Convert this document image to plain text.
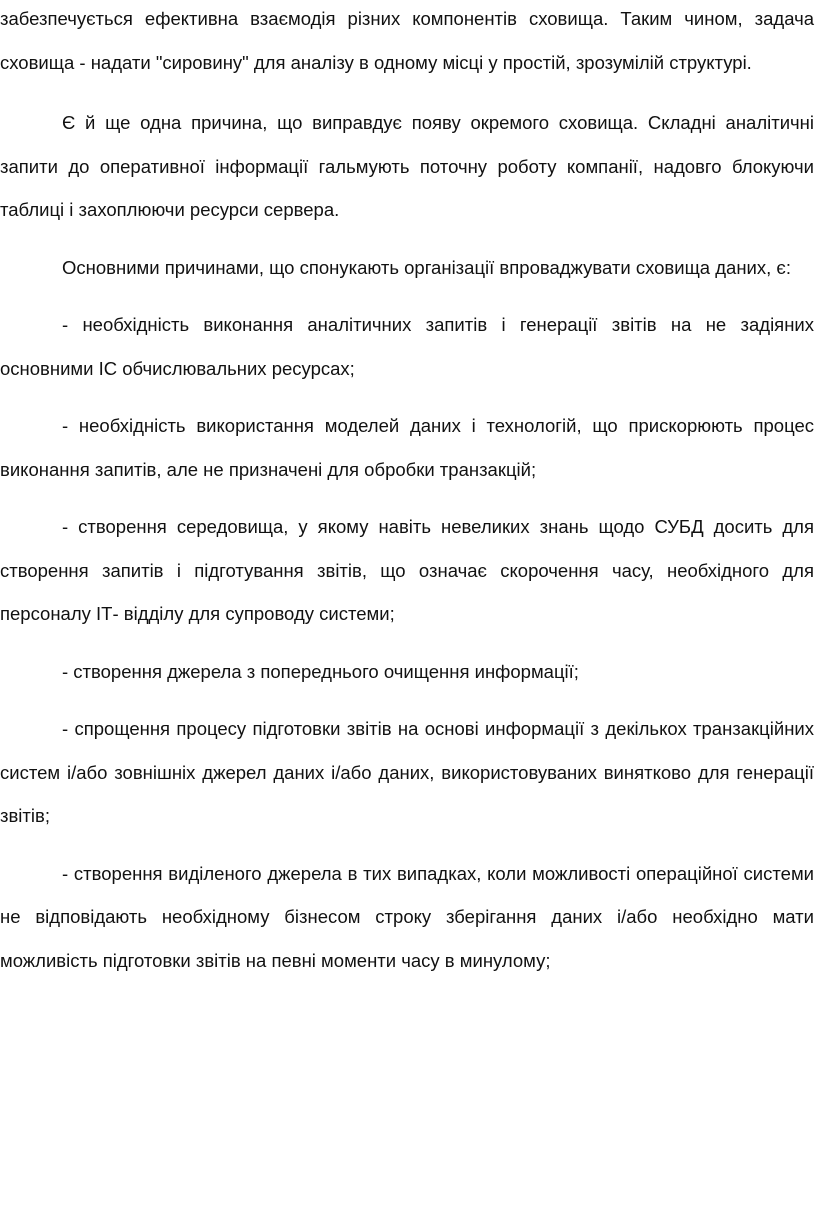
забезпечується ефективна взаємодія різних компонентів сховища. Таким чином, задача сховища - надати "сировину" для аналізу в одному місці у простій, зрозумілій структурі.

Є й ще одна причина, що виправдує появу окремого сховища. Складні аналітичні запити до оперативної інформації гальмують поточну роботу компанії, надовго блокуючи таблиці і захоплюючи ресурси сервера.

Основними причинами, що спонукають організації впроваджувати сховища даних, є:

- необхідність виконання аналітичних запитів і генерації звітів на не задіяних основними ІС обчислювальних ресурсах;

- необхідність використання моделей даних і технологій, що прискорюють процес виконання запитів, але не призначені для обробки транзакцій;

- створення середовища, у якому навіть невеликих знань щодо СУБД досить для створення запитів і підготування звітів, що означає скорочення часу, необхідного для персоналу ІТ- відділу для супроводу системи;

- створення джерела з попереднього очищення информації;

- спрощення процесу підготовки звітів на основі информації з декількох транзакційних систем і/або зовнішніх джерел даних і/або даних, використовуваних винятково для генерації звітів;

- створення виділеного джерела в тих випадках, коли можливості операційної системи не відповідають необхідному бізнесом строку зберігання даних і/або необхідно мати можливість підготовки звітів на певні моменти часу в минулому;
